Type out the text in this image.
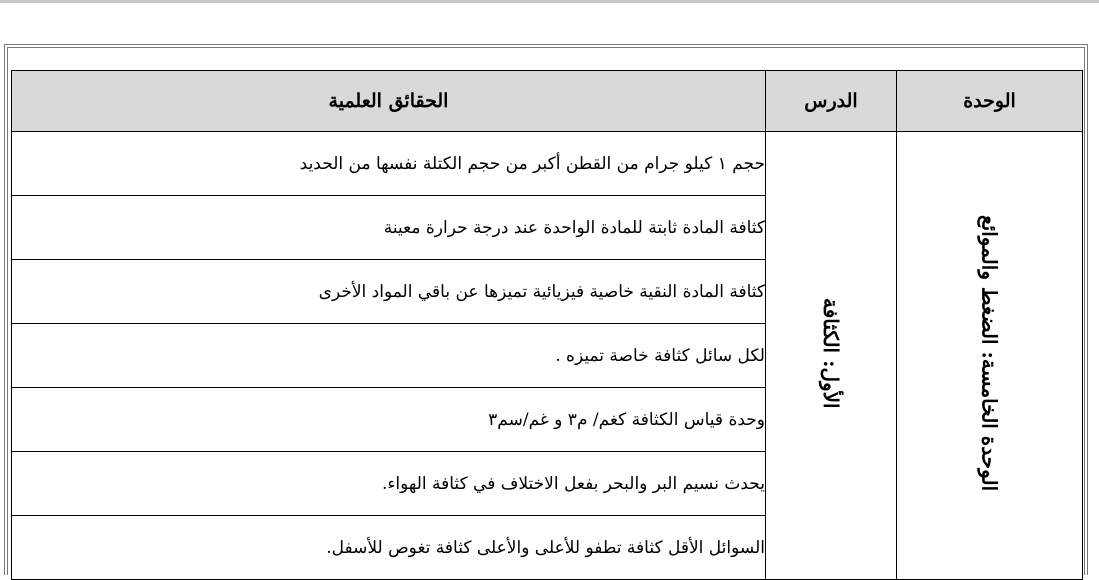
الوحدة	الدرس	الحقائق العلمية
الوحدة الخامسة: الضغط والموائع	الأول: الكثافة	حجم ١ كيلو جرام من القطن أكبر من حجم الكتلة نفسها من الحديد
		كثافة المادة ثابتة للمادة الواحدة عند درجة حرارة معينة
		كثافة المادة النقية خاصية فيزيائية تميزها عن باقي المواد الأخرى
		لكل سائل كثافة خاصة تميزه .
		وحدة قياس الكثافة كغم/ م٣ و غم/سم٣
		يحدث نسيم البر والبحر بفعل الاختلاف في كثافة الهواء.
		السوائل الأقل كثافة تطفو للأعلى والأعلى كثافة تغوص للأسفل.
